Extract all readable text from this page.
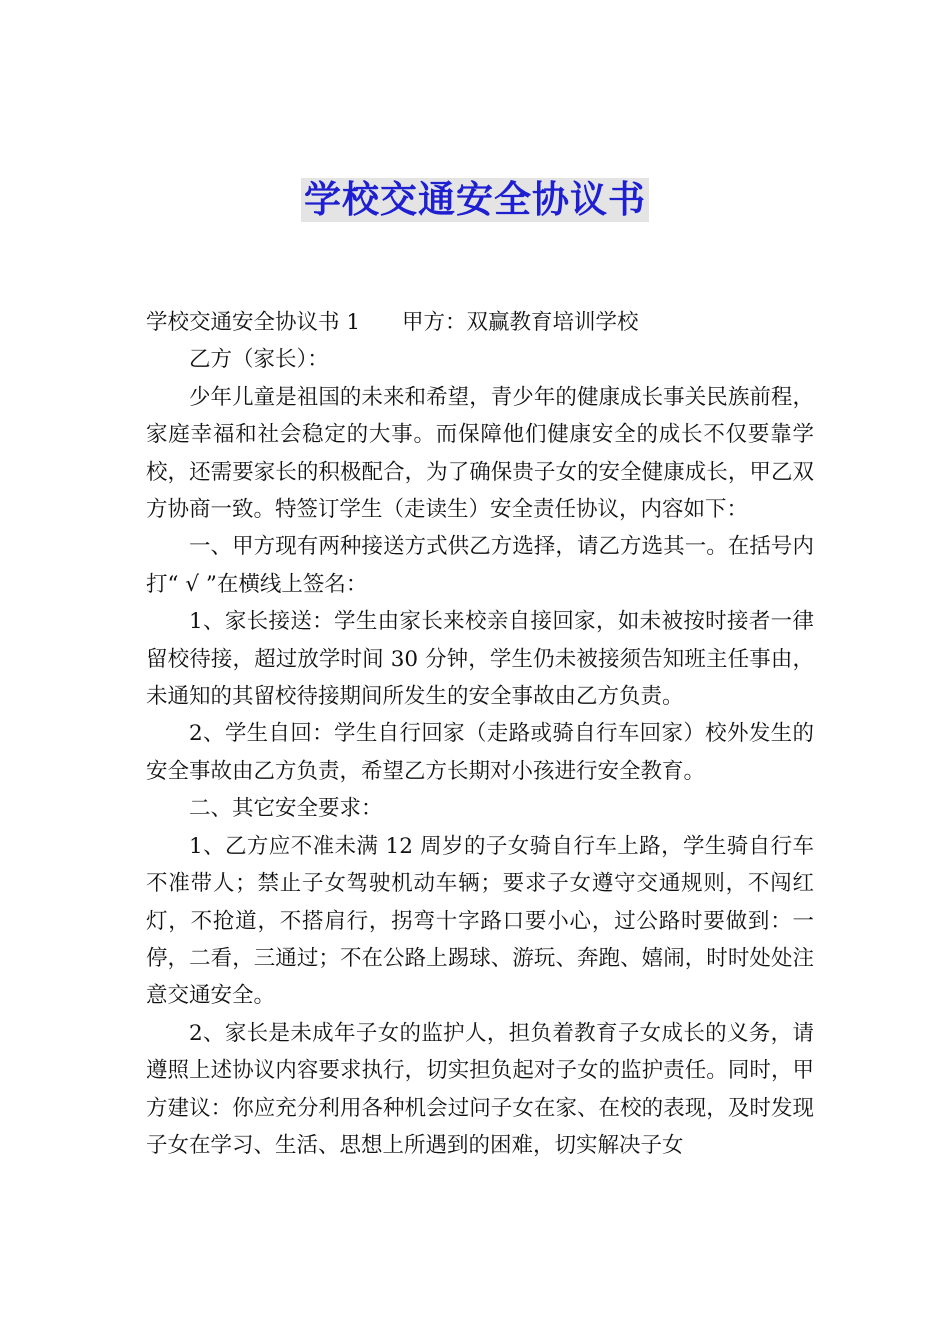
学校交通安全协议书

学校交通安全协议书 1 甲方：双赢教育培训学校

乙方（家长）：

少年儿童是祖国的未来和希望，青少年的健康成长事关民族前程，家庭幸福和社会稳定的大事。而保障他们健康安全的成长不仅要靠学校，还需要家长的积极配合，为了确保贵子女的安全健康成长，甲乙双方协商一致。特签订学生（走读生）安全责任协议，内容如下：

一、甲方现有两种接送方式供乙方选择，请乙方选其一。在括号内打“ √ ”在横线上签名：

1、家长接送：学生由家长来校亲自接回家，如未被按时接者一律留校待接，超过放学时间 30 分钟，学生仍未被接须告知班主任事由，未通知的其留校待接期间所发生的安全事故由乙方负责。

2、学生自回：学生自行回家（走路或骑自行车回家）校外发生的安全事故由乙方负责，希望乙方长期对小孩进行安全教育。

二、其它安全要求：

1、乙方应不准未满 12 周岁的子女骑自行车上路，学生骑自行车不准带人；禁止子女驾驶机动车辆；要求子女遵守交通规则，不闯红灯，不抢道，不搭肩行，拐弯十字路口要小心，过公路时要做到：一停，二看，三通过；不在公路上踢球、游玩、奔跑、嬉闹，时时处处注意交通安全。

2、家长是未成年子女的监护人，担负着教育子女成长的义务，请遵照上述协议内容要求执行，切实担负起对子女的监护责任。同时，甲方建议：你应充分利用各种机会过问子女在家、在校的表现，及时发现子女在学习、生活、思想上所遇到的困难，切实解决子女
